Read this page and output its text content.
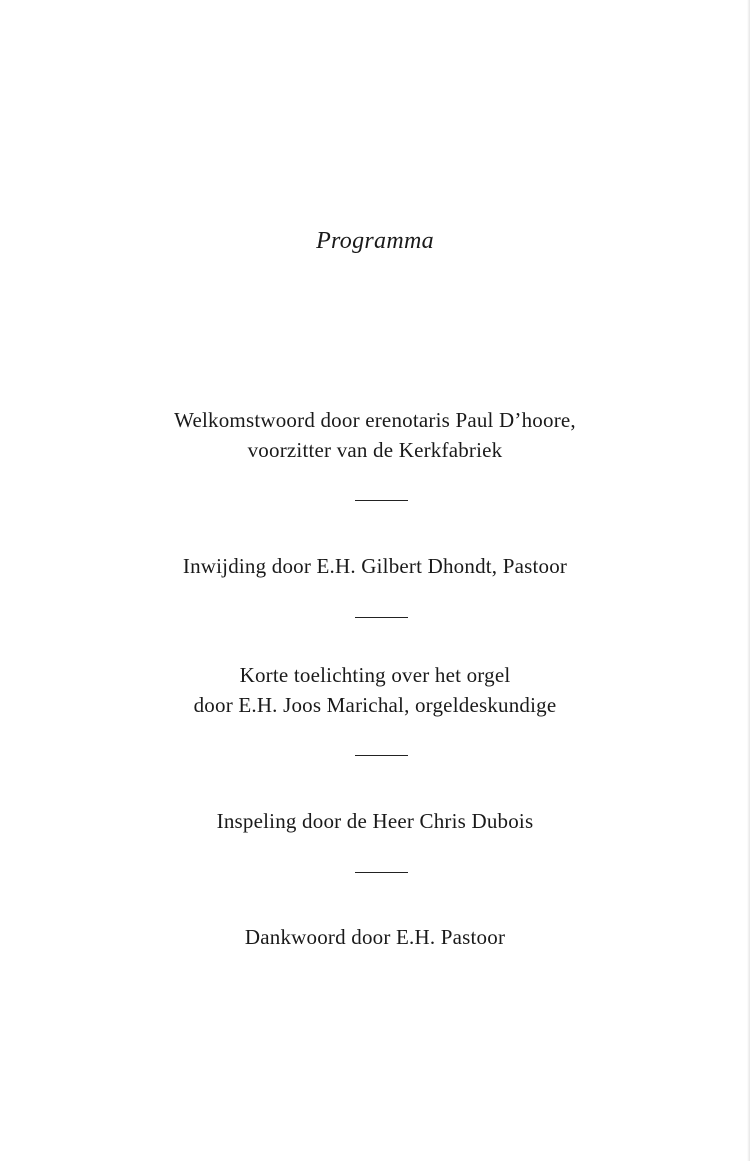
Programma
Welkomstwoord door erenotaris Paul D’hoore,
voorzitter van de Kerkfabriek
Inwijding door E.H. Gilbert Dhondt, Pastoor
Korte toelichting over het orgel
door E.H. Joos Marichal, orgeldeskundige
Inspeling door de Heer Chris Dubois
Dankwoord door E.H. Pastoor
